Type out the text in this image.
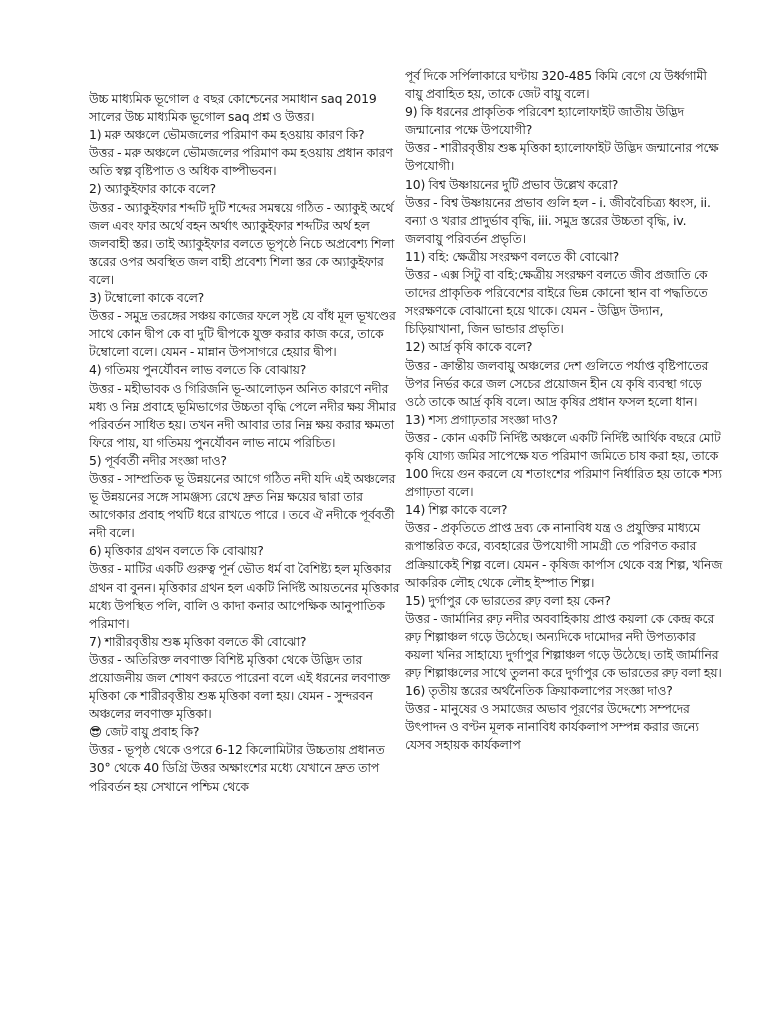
উচ্চ মাধ্যমিক ভূগোল ৫ বছর কোশ্চেনের সমাধান saq 2019 সালের উচ্চ মাধ্যমিক ভূগোল saq প্রশ্ন ও উত্তর।

1) মরু অঞ্চলে ভৌমজলের পরিমাণ কম হওয়ায় কারণ কি?

উত্তর - মরু অঞ্চলে ভৌমজলের পরিমাণ কম হওয়ায় প্রধান কারণ অতি স্বল্প বৃষ্টিপাত ও অধিক বাষ্পীভবন।

2) অ্যাকুইফার কাকে বলে?

উত্তর - অ্যাকুইফার শব্দটি দুটি শব্দের সমন্বয়ে গঠিত - অ্যাকুই অর্থে জল এবং ফার অর্থে বহন অর্থাৎ অ্যাকুইফার শব্দটির অর্থ হল জলবাহী স্তর। তাই অ্যাকুইফার বলতে ভূপৃষ্ঠে নিচে অপ্রবেশ্য শিলা স্তরের ওপর অবস্থিত জল বাহী প্রবেশ্য শিলা স্তর কে অ্যাকুইফার বলে।

3) টম্বোলো কাকে বলে?

উত্তর - সমুদ্র তরঙ্গের সঞ্চয় কাজের ফলে সৃষ্ট যে বাঁধ মূল ভূখণ্ডের সাথে কোন দ্বীপ কে বা দুটি দ্বীপকে যুক্ত করার কাজ করে, তাকে টম্বোলো বলে। যেমন - মান্নান উপসাগরে হেয়ার দ্বীপ।

4) গতিময় পুনর্যৌবন লাভ বলতে কি বোঝায়?

উত্তর - মহীভাবক ও গিরিজনি ভূ-আলোড়ন অনিত কারণে নদীর মধ্য ও নিম্ন প্রবাহে ভূমিভাগের উচ্চতা বৃদ্ধি পেলে নদীর ক্ষয় সীমার পরিবর্তন সাধিত হয়। তখন নদী আবার তার নিম্ন ক্ষয় করার ক্ষমতা ফিরে পায়, যা গতিময় পুনর্যৌবন লাভ নামে পরিচিত।

5) পূর্ববর্তী নদীর সংজ্ঞা দাও?

উত্তর - সাম্প্রতিক ভূ উন্নয়নের আগে গঠিত নদী যদি এই অঞ্চলের ভূ উন্নয়নের সঙ্গে সামঞ্জস্য রেখে দ্রুত নিম্ন ক্ষয়ের দ্বারা তার আগেকার প্রবাহ পথটি ধরে রাখতে পারে । তবে ঐ নদীকে পূর্ববর্তী নদী বলে।

6) মৃত্তিকার গ্রথন বলতে কি বোঝায়?

উত্তর - মাটির একটি গুরুত্ব পূর্ন ভৌত ধর্ম বা বৈশিষ্ট্য হল মৃত্তিকার গ্রথন বা বুনন। মৃত্তিকার গ্রথন হল একটি নির্দিষ্ট আয়তনের মৃত্তিকার মধ্যে উপস্থিত পলি, বালি ও কাদা কনার আপেক্ষিক আনুপাতিক পরিমাণ।

7) শারীরবৃত্তীয় শুষ্ক মৃত্তিকা বলতে কী বোঝো?

উত্তর - অতিরিক্ত লবণাক্ত বিশিষ্ট মৃত্তিকা থেকে উদ্ভিদ তার প্রয়োজনীয় জল শোষণ করতে পারেনা বলে এই ধরনের লবণাক্ত মৃত্তিকা কে শারীরবৃত্তীয় শুষ্ক মৃত্তিকা বলা হয়। যেমন - সুন্দরবন অঞ্চলের লবণাক্ত মৃত্তিকা।

😎 জেট বায়ু প্রবাহ কি?

উত্তর - ভূপৃষ্ঠ থেকে ওপরে 6-12 কিলোমিটার উচ্চতায় প্রধানত 30° থেকে 40 ডিগ্রি উত্তর অক্ষাংশের মধ্যে যেখানে দ্রুত তাপ পরিবর্তন হয় সেখানে পশ্চিম থেকে

পূর্ব দিকে সর্পিলাকারে ঘণ্টায় 320-485 কিমি বেগে যে উর্ধ্বগামী বায়ু প্রবাহিত হয়, তাকে জেট বায়ু বলে।

9) কি ধরনের প্রাকৃতিক পরিবেশ হ্যালোফাইট জাতীয় উদ্ভিদ জন্মানোর পক্ষে উপযোগী?

উত্তর - শারীরবৃত্তীয় শুষ্ক মৃত্তিকা হ্যালোফাইট উদ্ভিদ জন্মানোর পক্ষে উপযোগী।

10) বিশ্ব উষ্ণায়নের দুটি প্রভাব উল্লেখ করো?

উত্তর - বিশ্ব উষ্ণায়নের প্রভাব গুলি হল - i. জীববৈচিত্র্য ধ্বংস, ii. বন্যা ও খরার প্রাদুর্ভাব বৃদ্ধি, iii. সমুদ্র স্তরের উচ্চতা বৃদ্ধি, iv. জলবায়ু পরিবর্তন প্রভৃতি।

11) বহি: ক্ষেত্রীয় সংরক্ষণ বলতে কী বোঝো?

উত্তর - এক্স সিটু বা বহি:ক্ষেত্রীয় সংরক্ষণ বলতে জীব প্রজাতি কে তাদের প্রাকৃতিক পরিবেশের বাইরে ভিন্ন কোনো স্থান বা পদ্ধতিতে সংরক্ষণকে বোঝানো হয়ে থাকে। যেমন - উদ্ভিদ উদ্যান, চিড়িয়াখানা, জিন ভান্ডার প্রভৃতি।

12) আর্দ্র কৃষি কাকে বলে?

উত্তর - ক্রান্তীয় জলবায়ু অঞ্চলের দেশ গুলিতে পর্যাপ্ত বৃষ্টিপাতের উপর নির্ভর করে জল সেচের প্রয়োজন হীন যে কৃষি ব্যবস্থা গড়ে ওঠে তাকে আর্দ্র কৃষি বলে। আদ্র কৃষির প্রধান ফসল হলো ধান।

13) শস্য প্রগাঢ়তার সংজ্ঞা দাও?

উত্তর - কোন একটি নির্দিষ্ট অঞ্চলে একটি নির্দিষ্ট আর্থিক বছরে মোট কৃষি যোগ্য জমির সাপেক্ষে যত পরিমাণ জমিতে চাষ করা হয়, তাকে 100 দিয়ে গুন করলে যে শতাংশের পরিমাণ নির্ধারিত হয় তাকে শস্য প্রগাঢ়তা বলে।

14) শিল্প কাকে বলে?

উত্তর - প্রকৃতিতে প্রাপ্ত দ্রব্য কে নানাবিধ যন্ত্র ও প্রযুক্তির মাধ্যমে রূপান্তরিত করে, ব্যবহারের উপযোগী সামগ্রী তে পরিণত করার প্রক্রিয়াকেই শিল্প বলে। যেমন - কৃষিজ কার্পাস থেকে বস্ত্র শিল্প, খনিজ আকরিক লৌহ থেকে লৌহ ইস্পাত শিল্প।

15) দুর্গাপুর কে ভারতের রুঢ় বলা হয় কেন?

উত্তর - জার্মানির রুঢ় নদীর অববাহিকায় প্রাপ্ত কয়লা কে কেন্দ্র করে রুঢ় শিল্পাঞ্চল গড়ে উঠেছে। অন্যদিকে দামোদর নদী উপত্যকার কয়লা খনির সাহায্যে দুর্গাপুর শিল্পাঞ্চল গড়ে উঠেছে। তাই জার্মানির রুঢ় শিল্পাঞ্চলের সাথে তুলনা করে দুর্গাপুর কে ভারতের রুঢ় বলা হয়।

16) তৃতীয় স্তরের অর্থনৈতিক ক্রিয়াকলাপের সংজ্ঞা দাও?

উত্তর - মানুষের ও সমাজের অভাব পূরণের উদ্দেশ্যে সম্পদের উৎপাদন ও বণ্টন মূলক নানাবিধ কার্যকলাপ সম্পন্ন করার জন্যে যেসব সহায়ক কার্যকলাপ
